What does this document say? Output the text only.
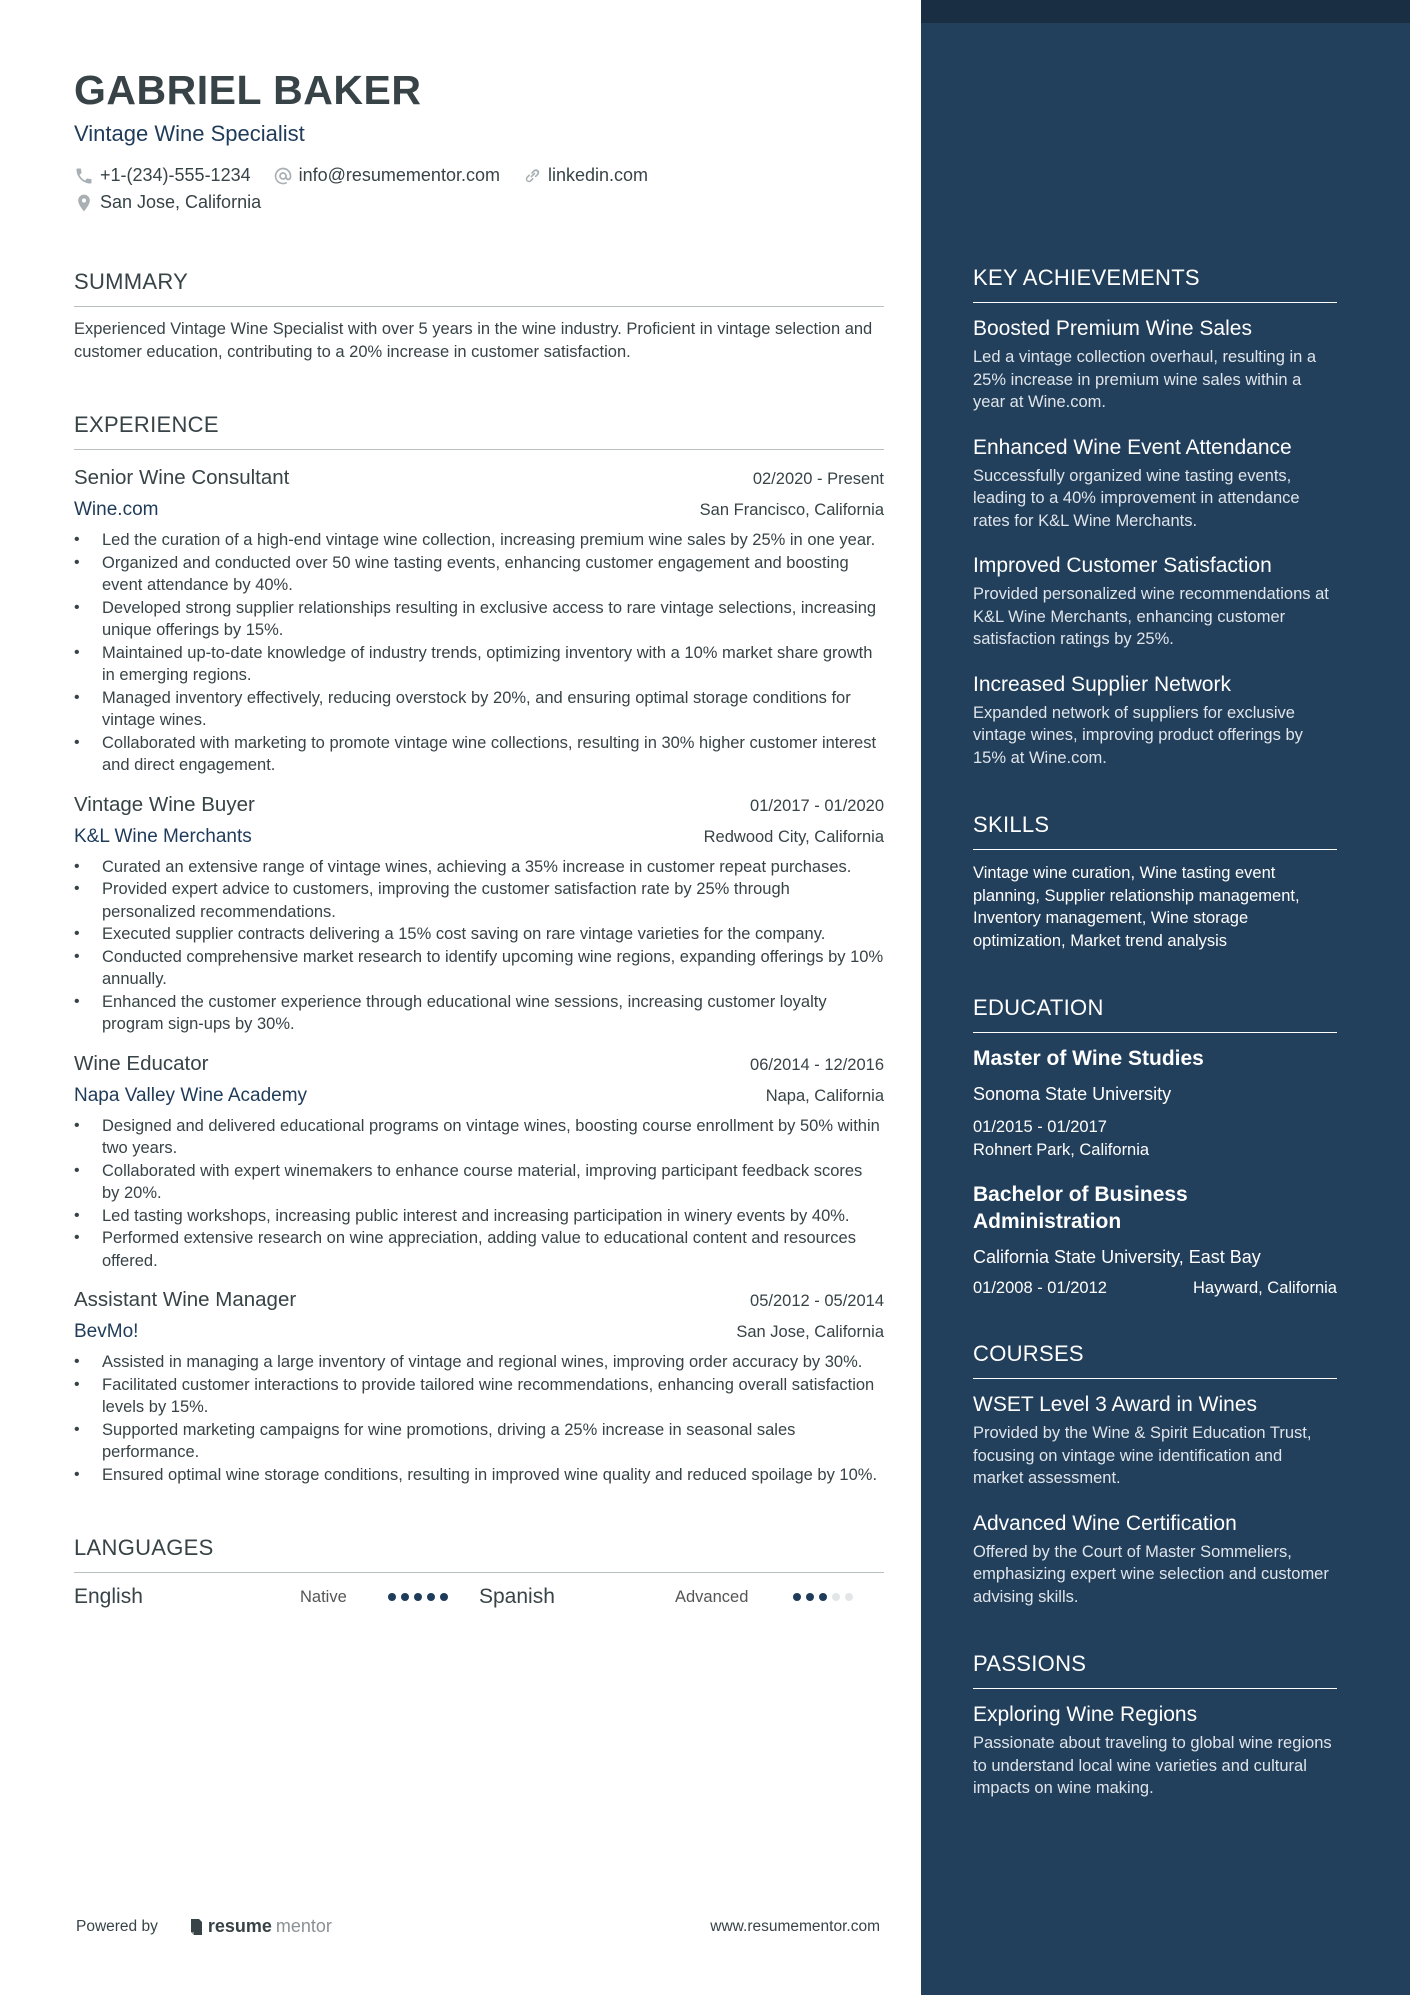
GABRIEL BAKER
Vintage Wine Specialist
+1-(234)-555-1234	info@resumementor.com	linkedin.com
San Jose, California
SUMMARY
Experienced Vintage Wine Specialist with over 5 years in the wine industry. Proficient in vintage selection and customer education, contributing to a 20% increase in customer satisfaction.
EXPERIENCE
Senior Wine Consultant	02/2020 - Present
Wine.com	San Francisco, California
• Led the curation of a high-end vintage wine collection, increasing premium wine sales by 25% in one year.
• Organized and conducted over 50 wine tasting events, enhancing customer engagement and boosting event attendance by 40%.
• Developed strong supplier relationships resulting in exclusive access to rare vintage selections, increasing unique offerings by 15%.
• Maintained up-to-date knowledge of industry trends, optimizing inventory with a 10% market share growth in emerging regions.
• Managed inventory effectively, reducing overstock by 20%, and ensuring optimal storage conditions for vintage wines.
• Collaborated with marketing to promote vintage wine collections, resulting in 30% higher customer interest and direct engagement.
Vintage Wine Buyer	01/2017 - 01/2020
K&L Wine Merchants	Redwood City, California
• Curated an extensive range of vintage wines, achieving a 35% increase in customer repeat purchases.
• Provided expert advice to customers, improving the customer satisfaction rate by 25% through personalized recommendations.
• Executed supplier contracts delivering a 15% cost saving on rare vintage varieties for the company.
• Conducted comprehensive market research to identify upcoming wine regions, expanding offerings by 10% annually.
• Enhanced the customer experience through educational wine sessions, increasing customer loyalty program sign-ups by 30%.
Wine Educator	06/2014 - 12/2016
Napa Valley Wine Academy	Napa, California
• Designed and delivered educational programs on vintage wines, boosting course enrollment by 50% within two years.
• Collaborated with expert winemakers to enhance course material, improving participant feedback scores by 20%.
• Led tasting workshops, increasing public interest and increasing participation in winery events by 40%.
• Performed extensive research on wine appreciation, adding value to educational content and resources offered.
Assistant Wine Manager	05/2012 - 05/2014
BevMo!	San Jose, California
• Assisted in managing a large inventory of vintage and regional wines, improving order accuracy by 30%.
• Facilitated customer interactions to provide tailored wine recommendations, enhancing overall satisfaction levels by 15%.
• Supported marketing campaigns for wine promotions, driving a 25% increase in seasonal sales performance.
• Ensured optimal wine storage conditions, resulting in improved wine quality and reduced spoilage by 10%.
LANGUAGES
English	Native	Spanish	Advanced
Powered by	resume mentor	www.resumementor.com
KEY ACHIEVEMENTS
Boosted Premium Wine Sales
Led a vintage collection overhaul, resulting in a 25% increase in premium wine sales within a year at Wine.com.
Enhanced Wine Event Attendance
Successfully organized wine tasting events, leading to a 40% improvement in attendance rates for K&L Wine Merchants.
Improved Customer Satisfaction
Provided personalized wine recommendations at K&L Wine Merchants, enhancing customer satisfaction ratings by 25%.
Increased Supplier Network
Expanded network of suppliers for exclusive vintage wines, improving product offerings by 15% at Wine.com.
SKILLS
Vintage wine curation, Wine tasting event planning, Supplier relationship management, Inventory management, Wine storage optimization, Market trend analysis
EDUCATION
Master of Wine Studies
Sonoma State University
01/2015 - 01/2017
Rohnert Park, California
Bachelor of Business Administration
California State University, East Bay
01/2008 - 01/2012	Hayward, California
COURSES
WSET Level 3 Award in Wines
Provided by the Wine & Spirit Education Trust, focusing on vintage wine identification and market assessment.
Advanced Wine Certification
Offered by the Court of Master Sommeliers, emphasizing expert wine selection and customer advising skills.
PASSIONS
Exploring Wine Regions
Passionate about traveling to global wine regions to understand local wine varieties and cultural impacts on wine making.
